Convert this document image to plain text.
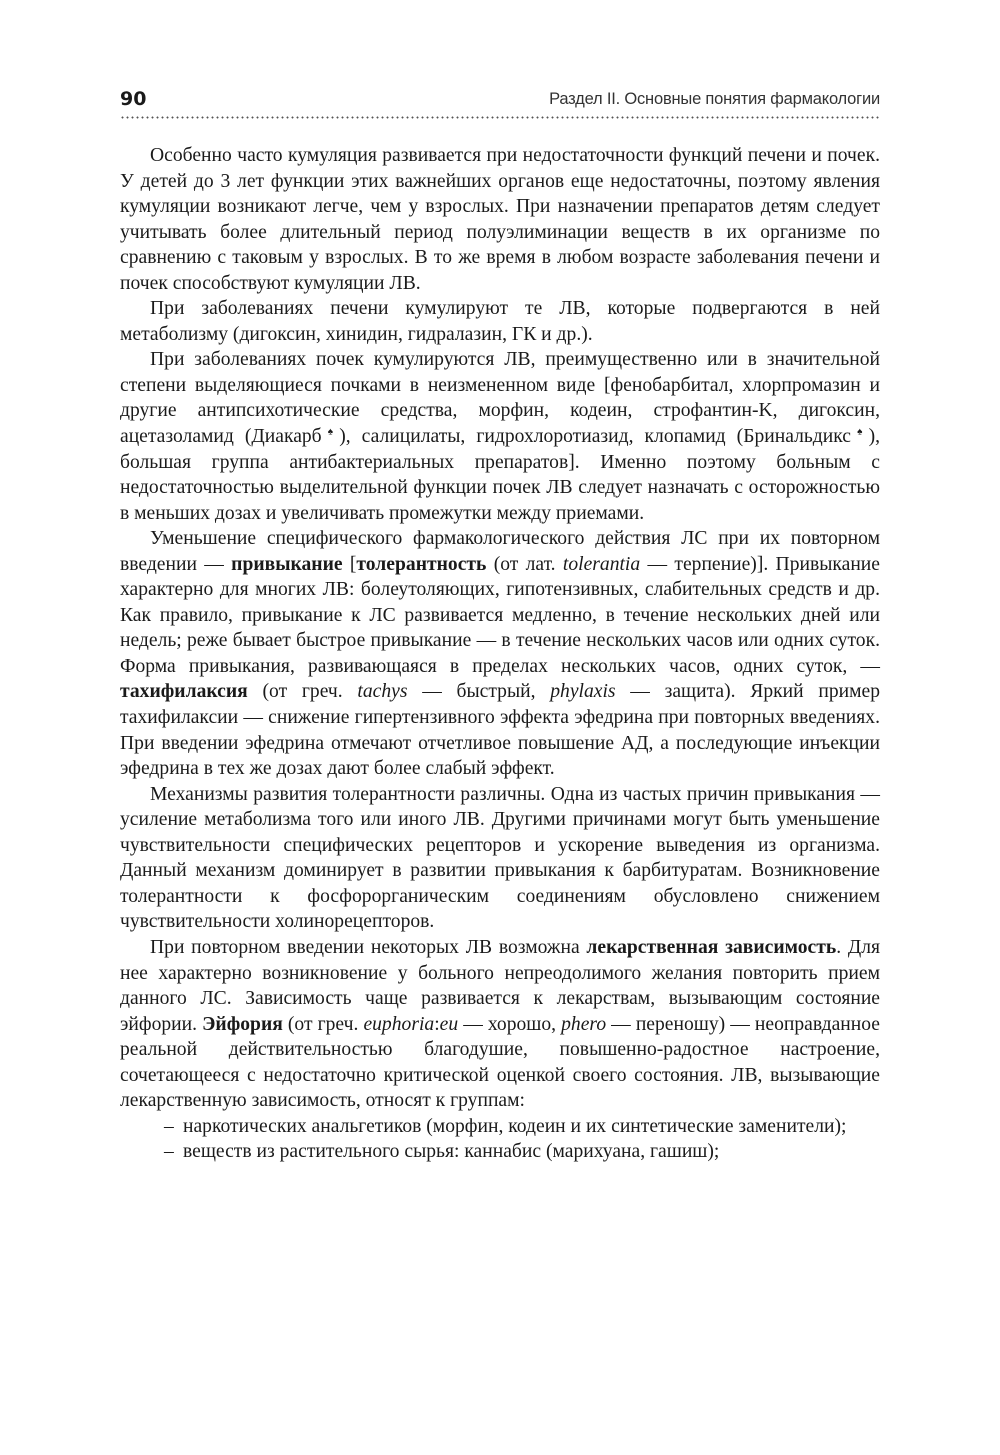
90	Раздел II. Основные понятия фармакологии

Особенно часто кумуляция развивается при недостаточности функций печени и почек. У детей до 3 лет функции этих важнейших органов еще недостаточны, поэтому явления кумуляции возникают легче, чем у взрослых. При назначении препаратов детям следует учитывать более длительный период полуэлиминации веществ в их организме по сравнению с таковым у взрослых. В то же время в любом возрасте заболевания печени и почек способствуют кумуляции ЛВ.

При заболеваниях печени кумулируют те ЛВ, которые подвергаются в ней метаболизму (дигоксин, хинидин, гидралазин, ГК и др.).

При заболеваниях почек кумулируются ЛВ, преимущественно или в значительной степени выделяющиеся почками в неизмененном виде [фенобарбитал, хлорпромазин и другие антипсихотические средства, морфин, кодеин, строфантин-K, дигоксин, ацетазоламид (Диакарб♠), салицилаты, гидрохлоротиазид, клопамид (Бринальдикс♠), большая группа антибактериальных препаратов]. Именно поэтому больным с недостаточностью выделительной функции почек ЛВ следует назначать с осторожностью в меньших дозах и увеличивать промежутки между приемами.

Уменьшение специфического фармакологического действия ЛС при их повторном введении — привыкание [толерантность (от лат. tolerantia — терпение)]. Привыкание характерно для многих ЛВ: болеутоляющих, гипотензивных, слабительных средств и др. Как правило, привыкание к ЛС развивается медленно, в течение нескольких дней или недель; реже бывает быстрое привыкание — в течение нескольких часов или одних суток. Форма привыкания, развивающаяся в пределах нескольких часов, одних суток, — тахифилаксия (от греч. tachys — быстрый, phylaxis — защита). Яркий пример тахифилаксии — снижение гипертензивного эффекта эфедрина при повторных введениях. При введении эфедрина отмечают отчетливое повышение АД, а последующие инъекции эфедрина в тех же дозах дают более слабый эффект.

Механизмы развития толерантности различны. Одна из частых причин привыкания — усиление метаболизма того или иного ЛВ. Другими причинами могут быть уменьшение чувствительности специфических рецепторов и ускорение выведения из организма. Данный механизм доминирует в развитии привыкания к барбитуратам. Возникновение толерантности к фосфорорганическим соединениям обусловлено снижением чувствительности холинорецепторов.

При повторном введении некоторых ЛВ возможна лекарственная зависимость. Для нее характерно возникновение у больного непреодолимого желания повторить прием данного ЛС. Зависимость чаще развивается к лекарствам, вызывающим состояние эйфории. Эйфория (от греч. euphoria:eu — хорошо, phero — переношу) — неоправданное реальной действительностью благодушие, повышенно-радостное настроение, сочетающееся с недостаточно критической оценкой своего состояния. ЛВ, вызывающие лекарственную зависимость, относят к группам:

– наркотических анальгетиков (морфин, кодеин и их синтетические заменители);
– веществ из растительного сырья: каннабис (марихуана, гашиш);
